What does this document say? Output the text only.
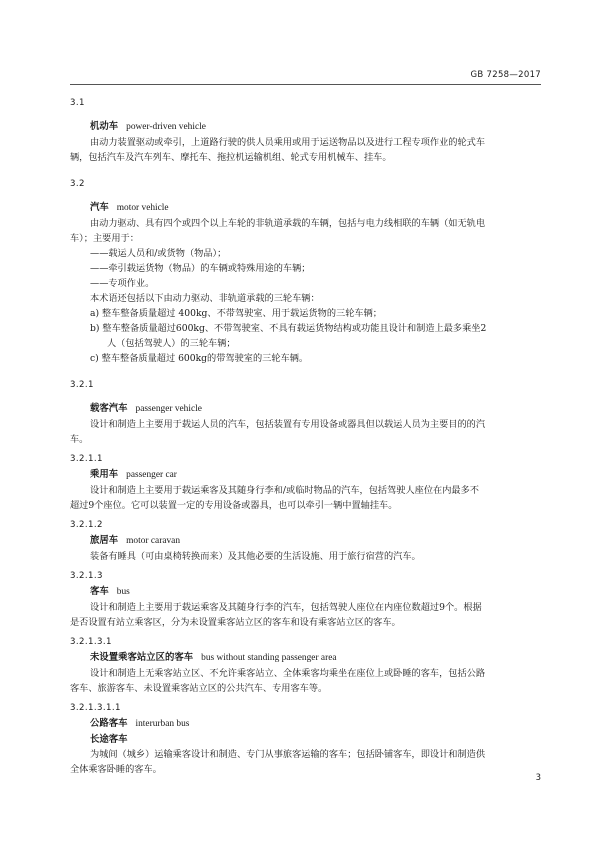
GB 7258—2017

3.1

机动车 power-driven vehicle

由动力装置驱动或牵引，上道路行驶的供人员乘用或用于运送物品以及进行工程专项作业的轮式车

辆，包括汽车及汽车列车、摩托车、拖拉机运输机组、轮式专用机械车、挂车。

3.2

汽车 motor vehicle

由动力驱动、具有四个或四个以上车轮的非轨道承载的车辆，包括与电力线相联的车辆（如无轨电

车）；主要用于：

——载运人员和/或货物（物品）；

——牵引载运货物（物品）的车辆或特殊用途的车辆；

——专项作业。

本术语还包括以下由动力驱动、非轨道承载的三轮车辆：

a) 整车整备质量超过 400kg、不带驾驶室、用于载运货物的三轮车辆；

b) 整车整备质量超过600kg、不带驾驶室、不具有载运货物结构或功能且设计和制造上最多乘坐2

人（包括驾驶人）的三轮车辆；

c) 整车整备质量超过 600kg的带驾驶室的三轮车辆。

3.2.1

载客汽车 passenger vehicle

设计和制造上主要用于载运人员的汽车，包括装置有专用设备或器具但以载运人员为主要目的的汽

车。

3.2.1.1

乘用车 passenger car

设计和制造上主要用于载运乘客及其随身行李和/或临时物品的汽车，包括驾驶人座位在内最多不

超过9个座位。它可以装置一定的专用设备或器具，也可以牵引一辆中置轴挂车。

3.2.1.2

旅居车 motor caravan

装备有睡具（可由桌椅转换而来）及其他必要的生活设施、用于旅行宿营的汽车。

3.2.1.3

客车 bus

设计和制造上主要用于载运乘客及其随身行李的汽车，包括驾驶人座位在内座位数超过9个。根据

是否设置有站立乘客区，分为未设置乘客站立区的客车和设有乘客站立区的客车。

3.2.1.3.1

未设置乘客站立区的客车 bus without standing passenger area

设计和制造上无乘客站立区、不允许乘客站立、全体乘客均乘坐在座位上或卧睡的客车，包括公路

客车、旅游客车、未设置乘客站立区的公共汽车、专用客车等。

3.2.1.3.1.1

公路客车 interurban bus

长途客车

为城间（城乡）运输乘客设计和制造、专门从事旅客运输的客车；包括卧铺客车，即设计和制造供

全体乘客卧睡的客车。

3
